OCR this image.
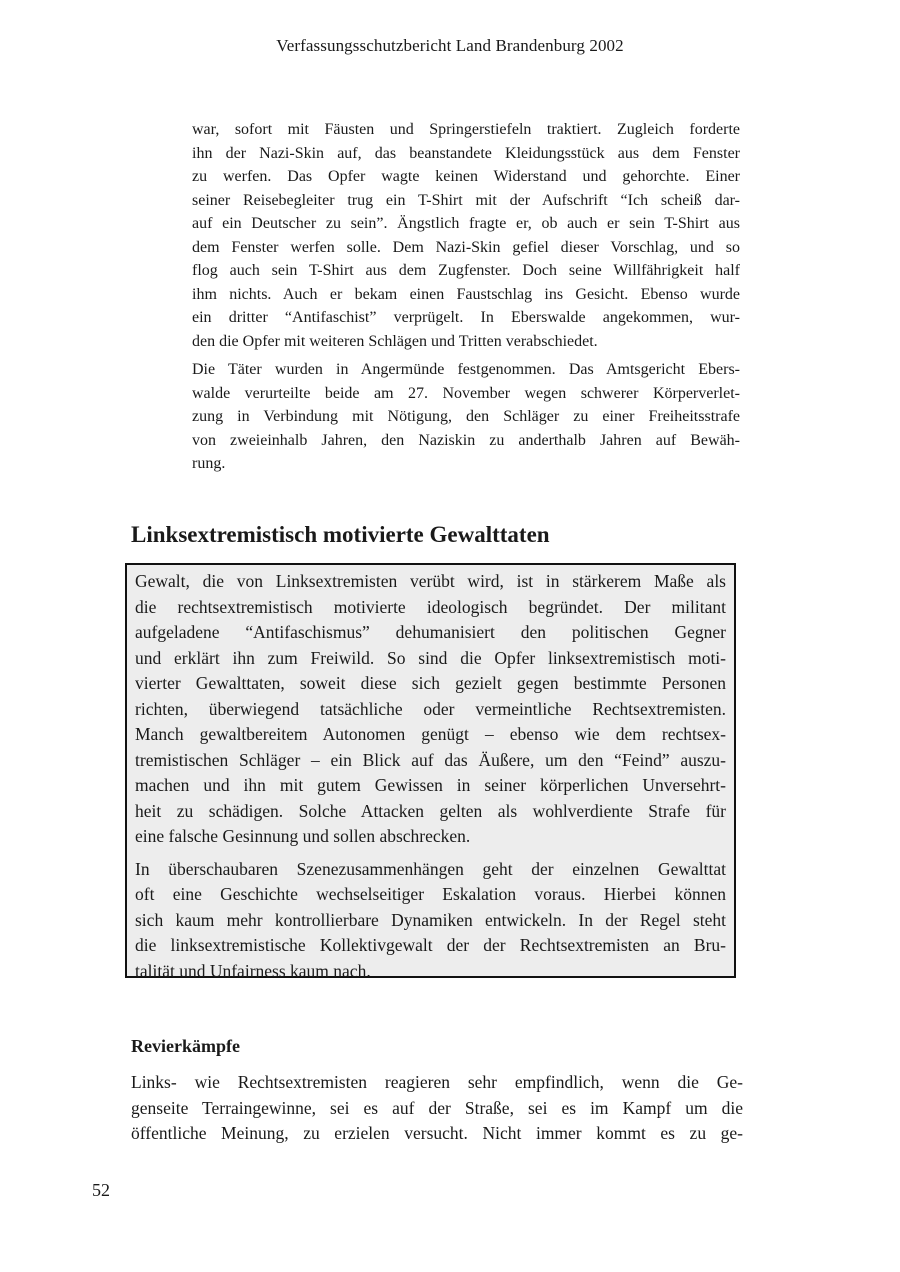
Verfassungsschutzbericht Land Brandenburg 2002

war, sofort mit Fäusten und Springerstiefeln traktiert. Zugleich forderte
ihn der Nazi-Skin auf, das beanstandete Kleidungsstück aus dem Fenster
zu werfen. Das Opfer wagte keinen Widerstand und gehorchte. Einer
seiner Reisebegleiter trug ein T-Shirt mit der Aufschrift “Ich scheiß dar-
auf ein Deutscher zu sein”. Ängstlich fragte er, ob auch er sein T-Shirt aus
dem Fenster werfen solle. Dem Nazi-Skin gefiel dieser Vorschlag, und so
flog auch sein T-Shirt aus dem Zugfenster. Doch seine Willfährigkeit half
ihm nichts. Auch er bekam einen Faustschlag ins Gesicht. Ebenso wurde
ein dritter “Antifaschist” verprügelt. In Eberswalde angekommen, wur-
den die Opfer mit weiteren Schlägen und Tritten verabschiedet.

Die Täter wurden in Angermünde festgenommen. Das Amtsgericht Ebers-
walde verurteilte beide am 27. November wegen schwerer Körperverlet-
zung in Verbindung mit Nötigung, den Schläger zu einer Freiheitsstrafe
von zweieinhalb Jahren, den Naziskin zu anderthalb Jahren auf Bewäh-
rung.

Linksextremistisch motivierte Gewalttaten

Gewalt, die von Linksextremisten verübt wird, ist in stärkerem Maße als
die rechtsextremistisch motivierte ideologisch begründet. Der militant
aufgeladene “Antifaschismus” dehumanisiert den politischen Gegner
und erklärt ihn zum Freiwild. So sind die Opfer linksextremistisch moti-
vierter Gewalttaten, soweit diese sich gezielt gegen bestimmte Personen
richten, überwiegend tatsächliche oder vermeintliche Rechtsextremisten.
Manch gewaltbereitem Autonomen genügt – ebenso wie dem rechtsex-
tremistischen Schläger – ein Blick auf das Äußere, um den “Feind” auszu-
machen und ihn mit gutem Gewissen in seiner körperlichen Unversehrt-
heit zu schädigen. Solche Attacken gelten als wohlverdiente Strafe für
eine falsche Gesinnung und sollen abschrecken.

In überschaubaren Szenezusammenhängen geht der einzelnen Gewalttat
oft eine Geschichte wechselseitiger Eskalation voraus. Hierbei können
sich kaum mehr kontrollierbare Dynamiken entwickeln. In der Regel steht
die linksextremistische Kollektivgewalt der der Rechtsextremisten an Bru-
talität und Unfairness kaum nach.

Revierkämpfe

Links- wie Rechtsextremisten reagieren sehr empfindlich, wenn die Ge-
genseite Terraingewinne, sei es auf der Straße, sei es im Kampf um die
öffentliche Meinung, zu erzielen versucht. Nicht immer kommt es zu ge-

52
